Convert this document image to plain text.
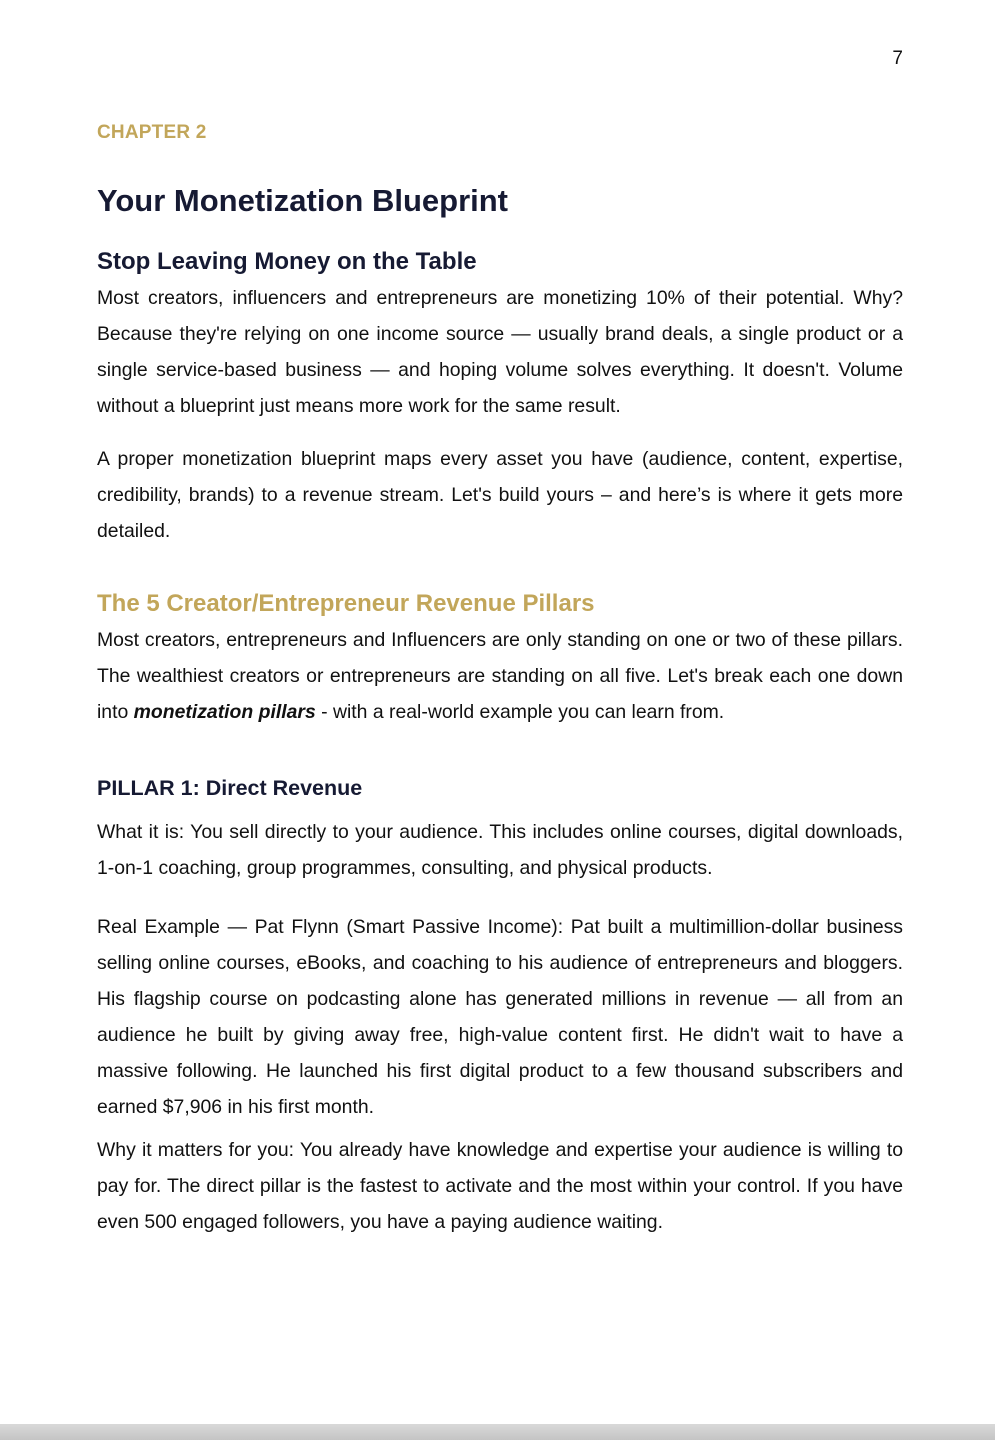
7
CHAPTER 2
Your Monetization Blueprint
Stop Leaving Money on the Table

Most creators, influencers and entrepreneurs are monetizing 10% of their potential. Why? Because they're relying on one income source — usually brand deals, a single product or a single service-based business — and hoping volume solves everything. It doesn't. Volume without a blueprint just means more work for the same result.

A proper monetization blueprint maps every asset you have (audience, content, expertise, credibility, brands) to a revenue stream. Let's build yours – and here’s is where it gets more detailed.

The 5 Creator/Entrepreneur Revenue Pillars

Most creators, entrepreneurs and Influencers are only standing on one or two of these pillars. The wealthiest creators or entrepreneurs are standing on all five. Let's break each one down into monetization pillars - with a real-world example you can learn from.

PILLAR 1: Direct Revenue

What it is: You sell directly to your audience. This includes online courses, digital downloads, 1-on-1 coaching, group programmes, consulting, and physical products.

Real Example — Pat Flynn (Smart Passive Income): Pat built a multimillion-dollar business selling online courses, eBooks, and coaching to his audience of entrepreneurs and bloggers. His flagship course on podcasting alone has generated millions in revenue — all from an audience he built by giving away free, high-value content first. He didn't wait to have a massive following. He launched his first digital product to a few thousand subscribers and earned $7,906 in his first month.

Why it matters for you: You already have knowledge and expertise your audience is willing to pay for. The direct pillar is the fastest to activate and the most within your control. If you have even 500 engaged followers, you have a paying audience waiting.
